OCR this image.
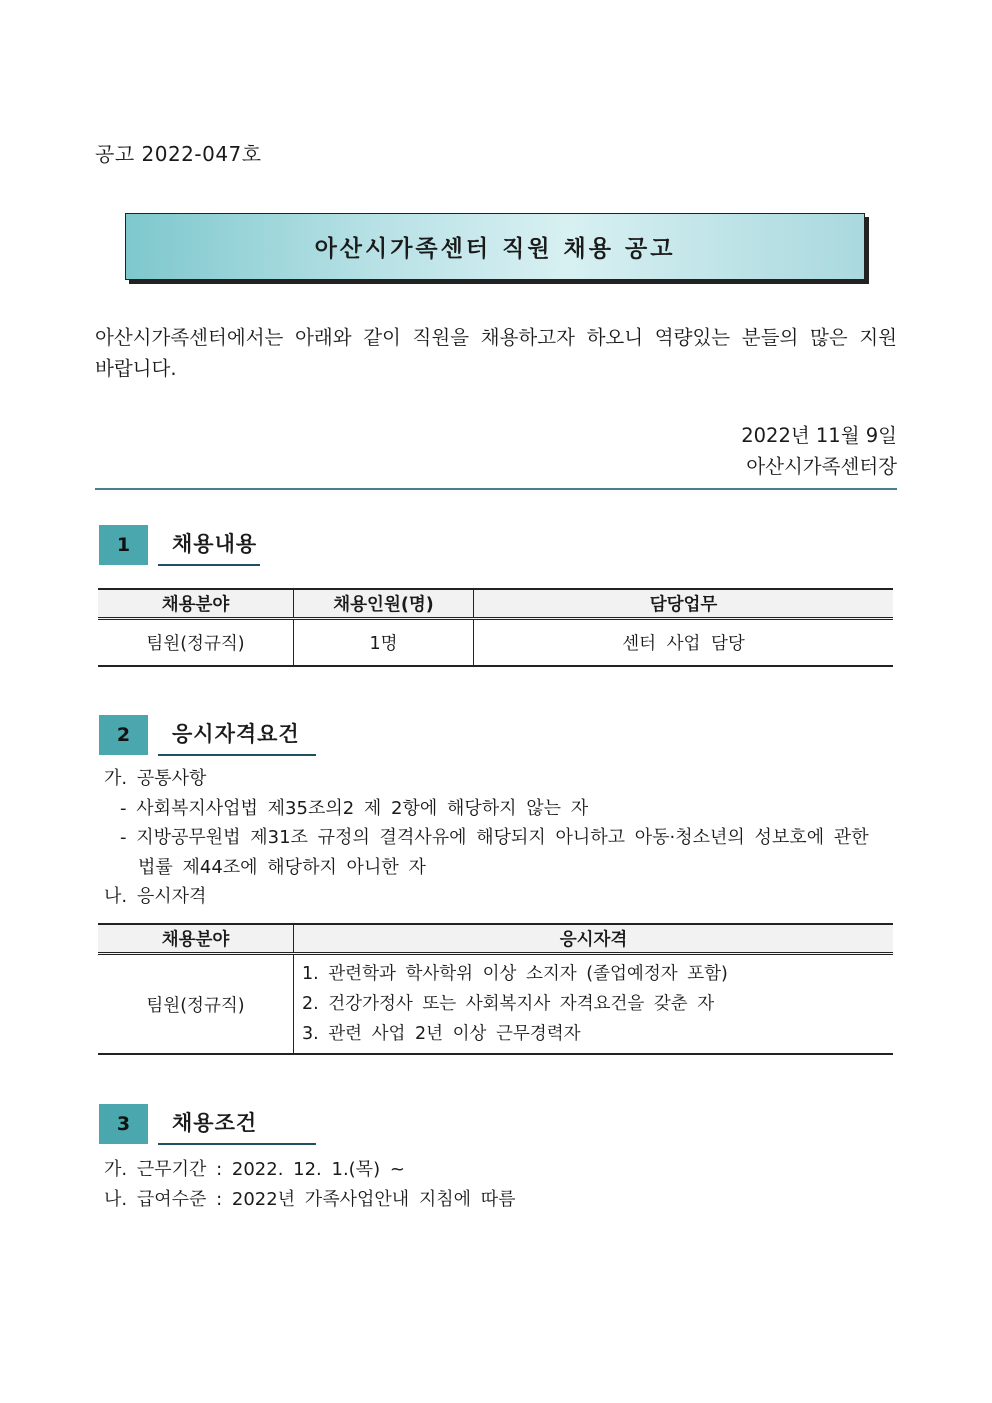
공고 2022-047호
아산시가족센터 직원 채용 공고
아산시가족센터에서는 아래와 같이 직원을 채용하고자 하오니 역량있는 분들의 많은 지원 바랍니다.
2022년 11월 9일
아산시가족센터장
1	채용내용
채용분야	채용인원(명)	담당업무
팀원(정규직)	1명	센터 사업 담당
2	응시자격요건
가. 공통사항
- 사회복지사업법 제35조의2 제 2항에 해당하지 않는 자
- 지방공무원법 제31조 규정의 결격사유에 해당되지 아니하고 아동·청소년의 성보호에 관한
법률 제44조에 해당하지 아니한 자
나. 응시자격
채용분야	응시자격
팀원(정규직)	1. 관련학과 학사학위 이상 소지자 (졸업예정자 포함)
2. 건강가정사 또는 사회복지사 자격요건을 갖춘 자
3. 관련 사업 2년 이상 근무경력자
3	채용조건
가. 근무기간 : 2022. 12. 1.(목) ~
나. 급여수준 : 2022년 가족사업안내 지침에 따름
